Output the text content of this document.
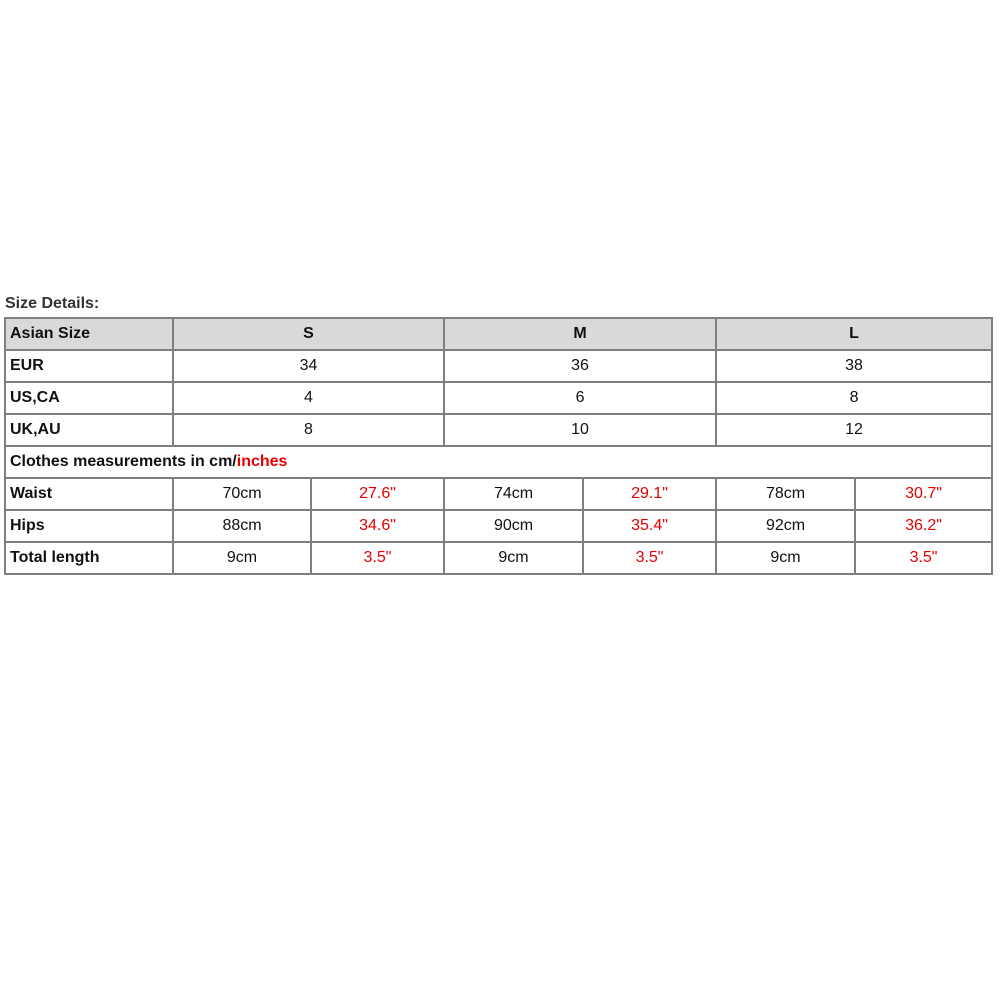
Size Details:
Asian Size	S		M		L	
EUR	34		36		38	
US,CA	4		6		8	
UK,AU	8		10		12	
Clothes measurements in cm/inches						
Waist	70cm	27.6"	74cm	29.1"	78cm	30.7"
Hips	88cm	34.6"	90cm	35.4"	92cm	36.2"
Total length	9cm	3.5"	9cm	3.5"	9cm	3.5"
